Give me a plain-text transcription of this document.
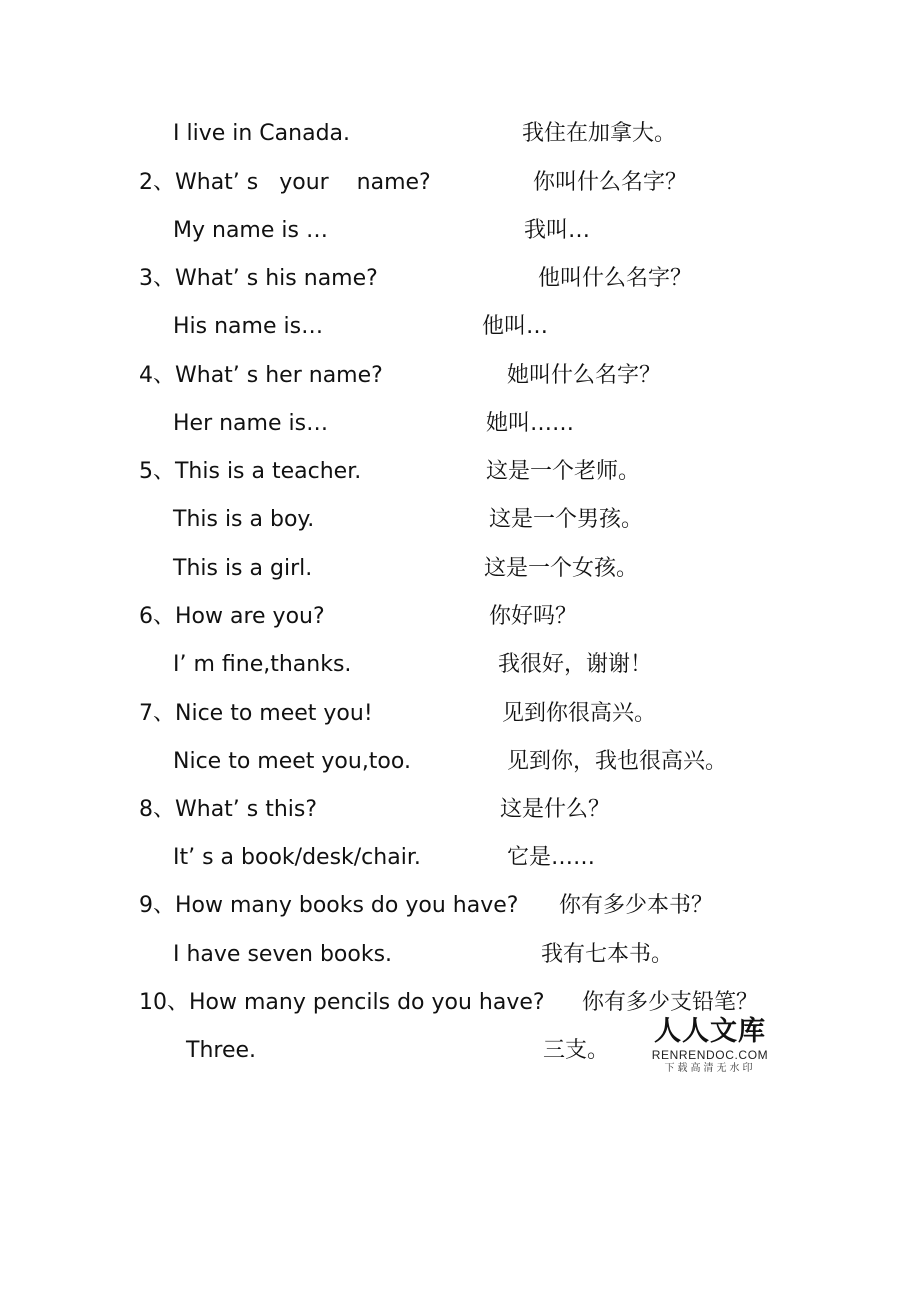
I live in Canada.	我住在加拿大。
2、What’ s   your    name?	你叫什么名字？
My name is …	我叫…
3、What’ s his name?	他叫什么名字？
His name is…	他叫…
4、What’ s her name?	她叫什么名字？
Her name is…	她叫……
5、This is a teacher.	这是一个老师。
This is a boy.	这是一个男孩。
This is a girl.	这是一个女孩。
6、How are you?	你好吗？
I’ m fine,thanks.	我很好，谢谢！
7、Nice to meet you!	见到你很高兴。
Nice to meet you,too.	见到你，我也很高兴。
8、What’ s this?	这是什么？
It’ s a book/desk/chair.	它是……
9、How many books do you have? 你有多少本书？
I have seven books.	我有七本书。
10、How many pencils do you have? 你有多少支铅笔？
Three.	三支。
人人文库
RENRENDOC.COM
下载高清无水印
